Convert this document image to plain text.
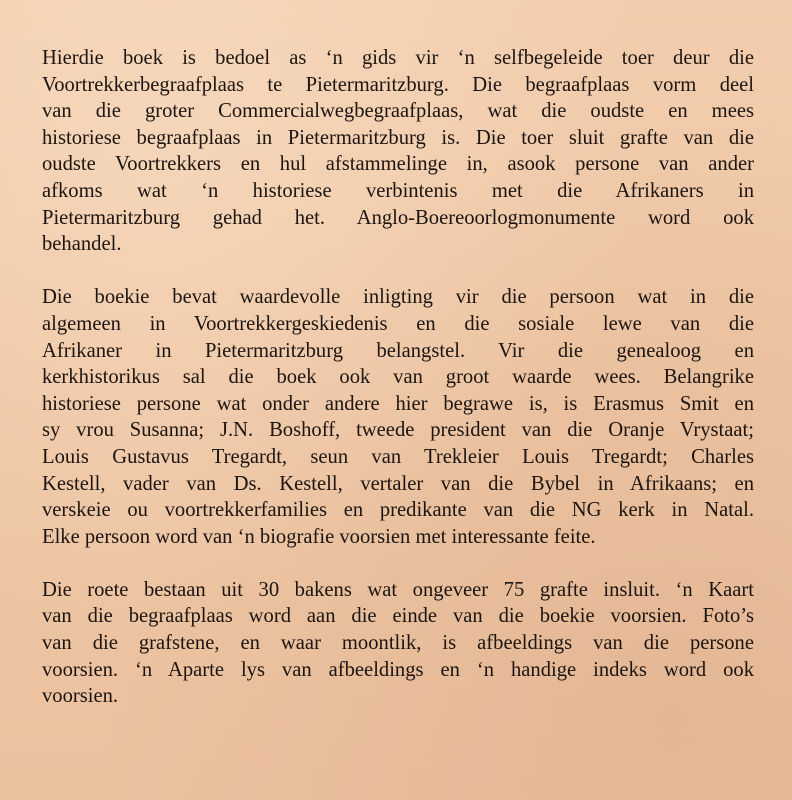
Hierdie boek is bedoel as ‘n gids vir ‘n selfbegeleide toer deur die
Voortrekkerbegraafplaas te Pietermaritzburg. Die begraafplaas vorm deel
van die groter Commercialwegbegraafplaas, wat die oudste en mees
historiese begraafplaas in Pietermaritzburg is. Die toer sluit grafte van die
oudste Voortrekkers en hul afstammelinge in, asook persone van ander
afkoms wat ‘n historiese verbintenis met die Afrikaners in
Pietermaritzburg gehad het. Anglo-Boereoorlogmonumente word ook
behandel.

Die boekie bevat waardevolle inligting vir die persoon wat in die
algemeen in Voortrekkergeskiedenis en die sosiale lewe van die
Afrikaner in Pietermaritzburg belangstel. Vir die genealoog en
kerkhistorikus sal die boek ook van groot waarde wees. Belangrike
historiese persone wat onder andere hier begrawe is, is Erasmus Smit en
sy vrou Susanna; J.N. Boshoff, tweede president van die Oranje Vrystaat;
Louis Gustavus Tregardt, seun van Trekleier Louis Tregardt; Charles
Kestell, vader van Ds. Kestell, vertaler van die Bybel in Afrikaans; en
verskeie ou voortrekkerfamilies en predikante van die NG kerk in Natal.
Elke persoon word van ‘n biografie voorsien met interessante feite.

Die roete bestaan uit 30 bakens wat ongeveer 75 grafte insluit. ‘n Kaart
van die begraafplaas word aan die einde van die boekie voorsien. Foto’s
van die grafstene, en waar moontlik, is afbeeldings van die persone
voorsien. ‘n Aparte lys van afbeeldings en ‘n handige indeks word ook
voorsien.
